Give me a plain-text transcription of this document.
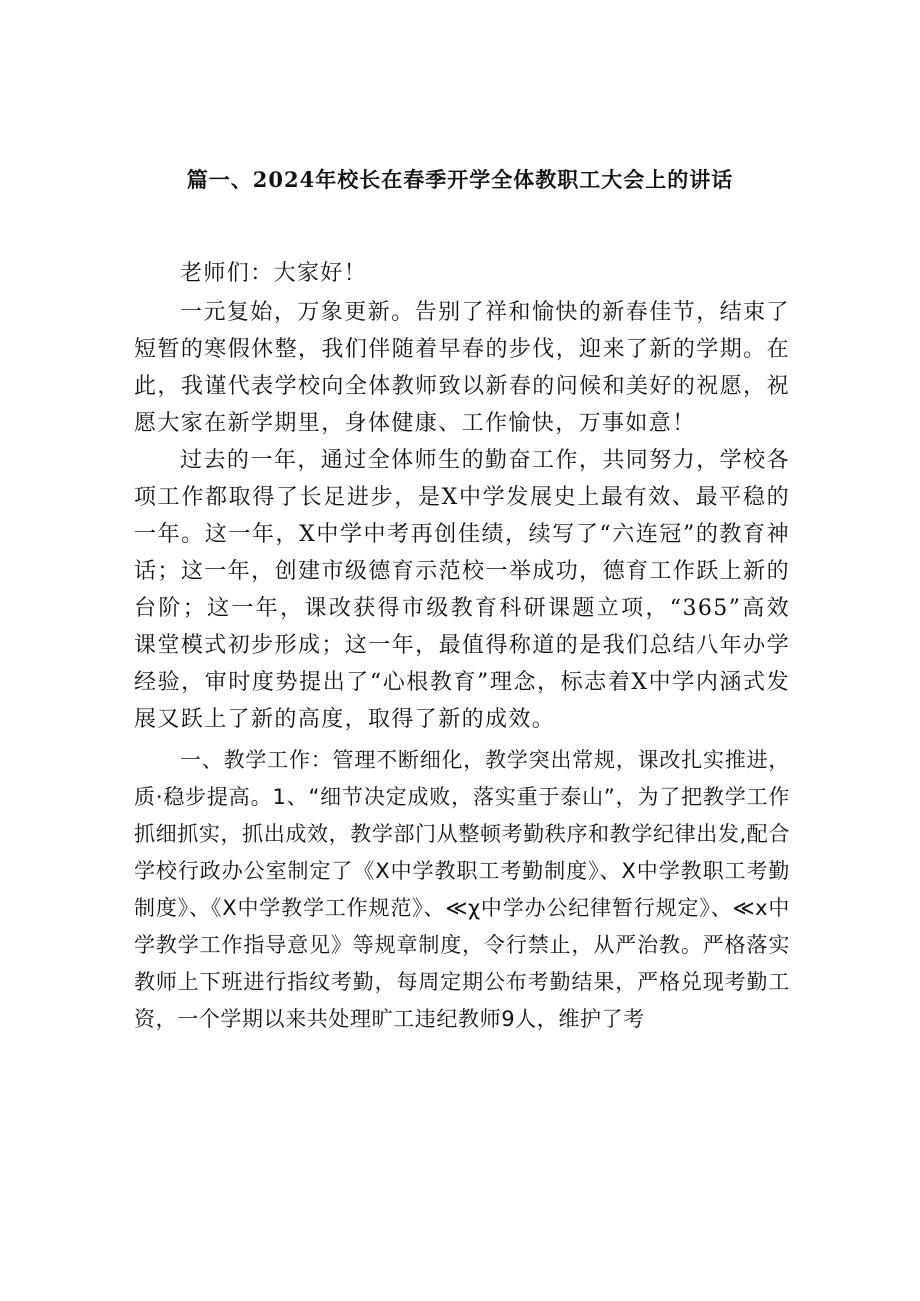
篇一、2024年校长在春季开学全体教职工大会上的讲话

老师们：大家好！

一元复始，万象更新。告别了祥和愉快的新春佳节，结束了短暂的寒假休整，我们伴随着早春的步伐，迎来了新的学期。在此，我谨代表学校向全体教师致以新春的问候和美好的祝愿，祝愿大家在新学期里，身体健康、工作愉快，万事如意！

过去的一年，通过全体师生的勤奋工作，共同努力，学校各项工作都取得了长足进步，是X中学发展史上最有效、最平稳的一年。这一年，X中学中考再创佳绩，续写了“六连冠”的教育神话；这一年，创建市级德育示范校一举成功，德育工作跃上新的台阶；这一年，课改获得市级教育科研课题立项，“365”高效课堂模式初步形成；这一年，最值得称道的是我们总结八年办学经验，审时度势提出了“心根教育”理念，标志着X中学内涵式发展又跃上了新的高度，取得了新的成效。

一、教学工作：管理不断细化，教学突出常规，课改扎实推进，质·稳步提高。1、“细节决定成败，落实重于泰山”，为了把教学工作抓细抓实，抓出成效，教学部门从整顿考勤秩序和教学纪律出发,配合学校行政办公室制定了《X中学教职工考勤制度》、X中学教职工考勤制度》、《X中学教学工作规范》、≪χ中学办公纪律暂行规定》、≪x中学教学工作指导意见》等规章制度，令行禁止，从严治教。严格落实教师上下班进行指纹考勤，每周定期公布考勤结果，严格兑现考勤工资，一个学期以来共处理旷工违纪教师9人，维护了考
